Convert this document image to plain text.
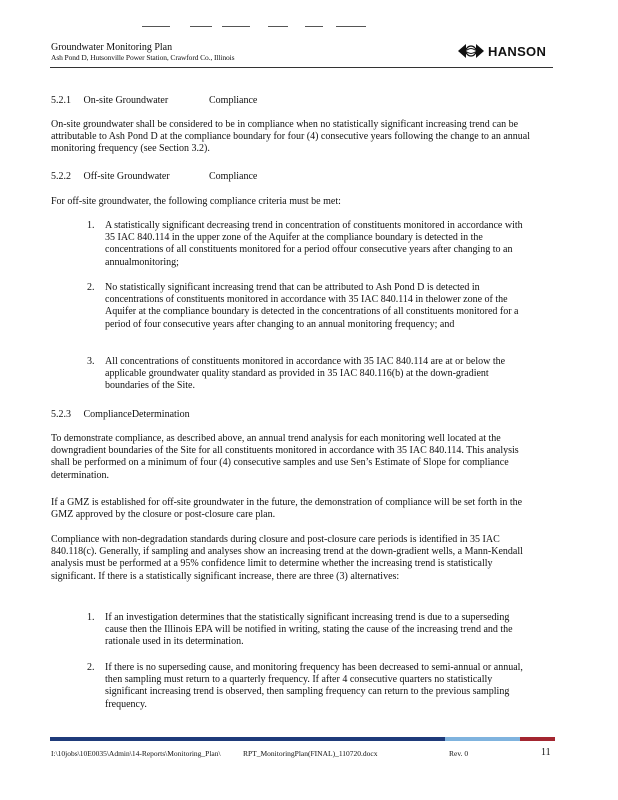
Groundwater Monitoring Plan
Ash Pond D, Hutsonville Power Station, Crawford Co., Illinois	HANSON
5.2.1 On-site Groundwater	Compliance
On-site groundwater shall be considered to be in compliance when no statistically significant increasing trend can be attributable to Ash Pond D at the compliance boundary for four (4) consecutive years following the change to an annual monitoring frequency (see Section 3.2).
5.2.2 Off-site Groundwater	Compliance
For off-site groundwater, the following compliance criteria must be met:
1. A statistically significant decreasing trend in concentration of constituents monitored in accordance with 35 IAC 840.114 in the upper zone of the Aquifer at the compliance boundary is detected in the concentrations of all constituents monitored for a period offour consecutive years after changing to an annualmonitoring;
2. No statistically significant increasing trend that can be attributed to Ash Pond D is detected in concentrations of constituents monitored in accordance with 35 IAC 840.114 in thelower zone of the Aquifer at the compliance boundary is detected in the concentrations of all constituents monitored for a period of four consecutive years after changing to an annual monitoring frequency; and
3. All concentrations of constituents monitored in accordance with 35 IAC 840.114 are at or below the applicable groundwater quality standard as provided in 35 IAC 840.116(b) at the down-gradient boundaries of the Site.
5.2.3 ComplianceDetermination
To demonstrate compliance, as described above, an annual trend analysis for each monitoring well located at the downgradient boundaries of the Site for all constituents monitored in accordance with 35 IAC 840.114. This analysis shall be performed on a minimum of four (4) consecutive samples and use Sen’s Estimate of Slope for compliance determination.
If a GMZ is established for off-site groundwater in the future, the demonstration of compliance will be set forth in the GMZ approved by the closure or post-closure care plan.
Compliance with non-degradation standards during closure and post-closure care periods is identified in 35 IAC 840.118(c). Generally, if sampling and analyses show an increasing trend at the down-gradient wells, a Mann-Kendall analysis must be performed at a 95% confidence limit to determine whether the increasing trend is statistically significant. If there is a statistically significant increase, there are three (3) alternatives:
1. If an investigation determines that the statistically significant increasing trend is due to a superseding cause then the Illinois EPA will be notified in writing, stating the cause of the increasing trend and the rationale used in its determination.
2. If there is no superseding cause, and monitoring frequency has been decreased to semi-annual or annual, then sampling must return to a quarterly frequency. If after 4 consecutive quarters no statistically significant increasing trend is observed, then sampling frequency can return to the previous sampling frequency.
I:\10jobs\10E0035\Admin\14-Reports\Monitoring_Plan\	RPT_MonitoringPlan(FINAL)_110720.docx	Rev. 0	11
